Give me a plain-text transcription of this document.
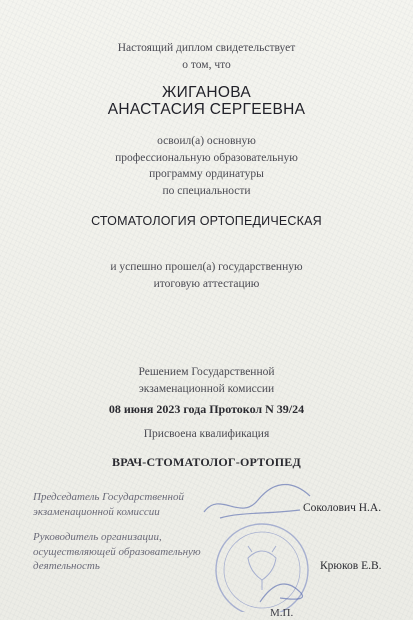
Настоящий диплом свидетельствует
о том, что
ЖИГАНОВА
АНАСТАСИЯ СЕРГЕЕВНА
освоил(а) основную
профессиональную образовательную
программу ординатуры
по специальности
СТОМАТОЛОГИЯ ОРТОПЕДИЧЕСКАЯ
и успешно прошел(а) государственную
итоговую аттестацию
Решением Государственной
экзаменационной комиссии
08 июня 2023 года Протокол N 39/24
Присвоена квалификация
ВРАЧ-СТОМАТОЛОГ-ОРТОПЕД
Председатель Государственной
экзаменационной комиссии	Соколович Н.А.
Руководитель организации,
осуществляющей образовательную
деятельность	Крюков Е.В.
М.П.
